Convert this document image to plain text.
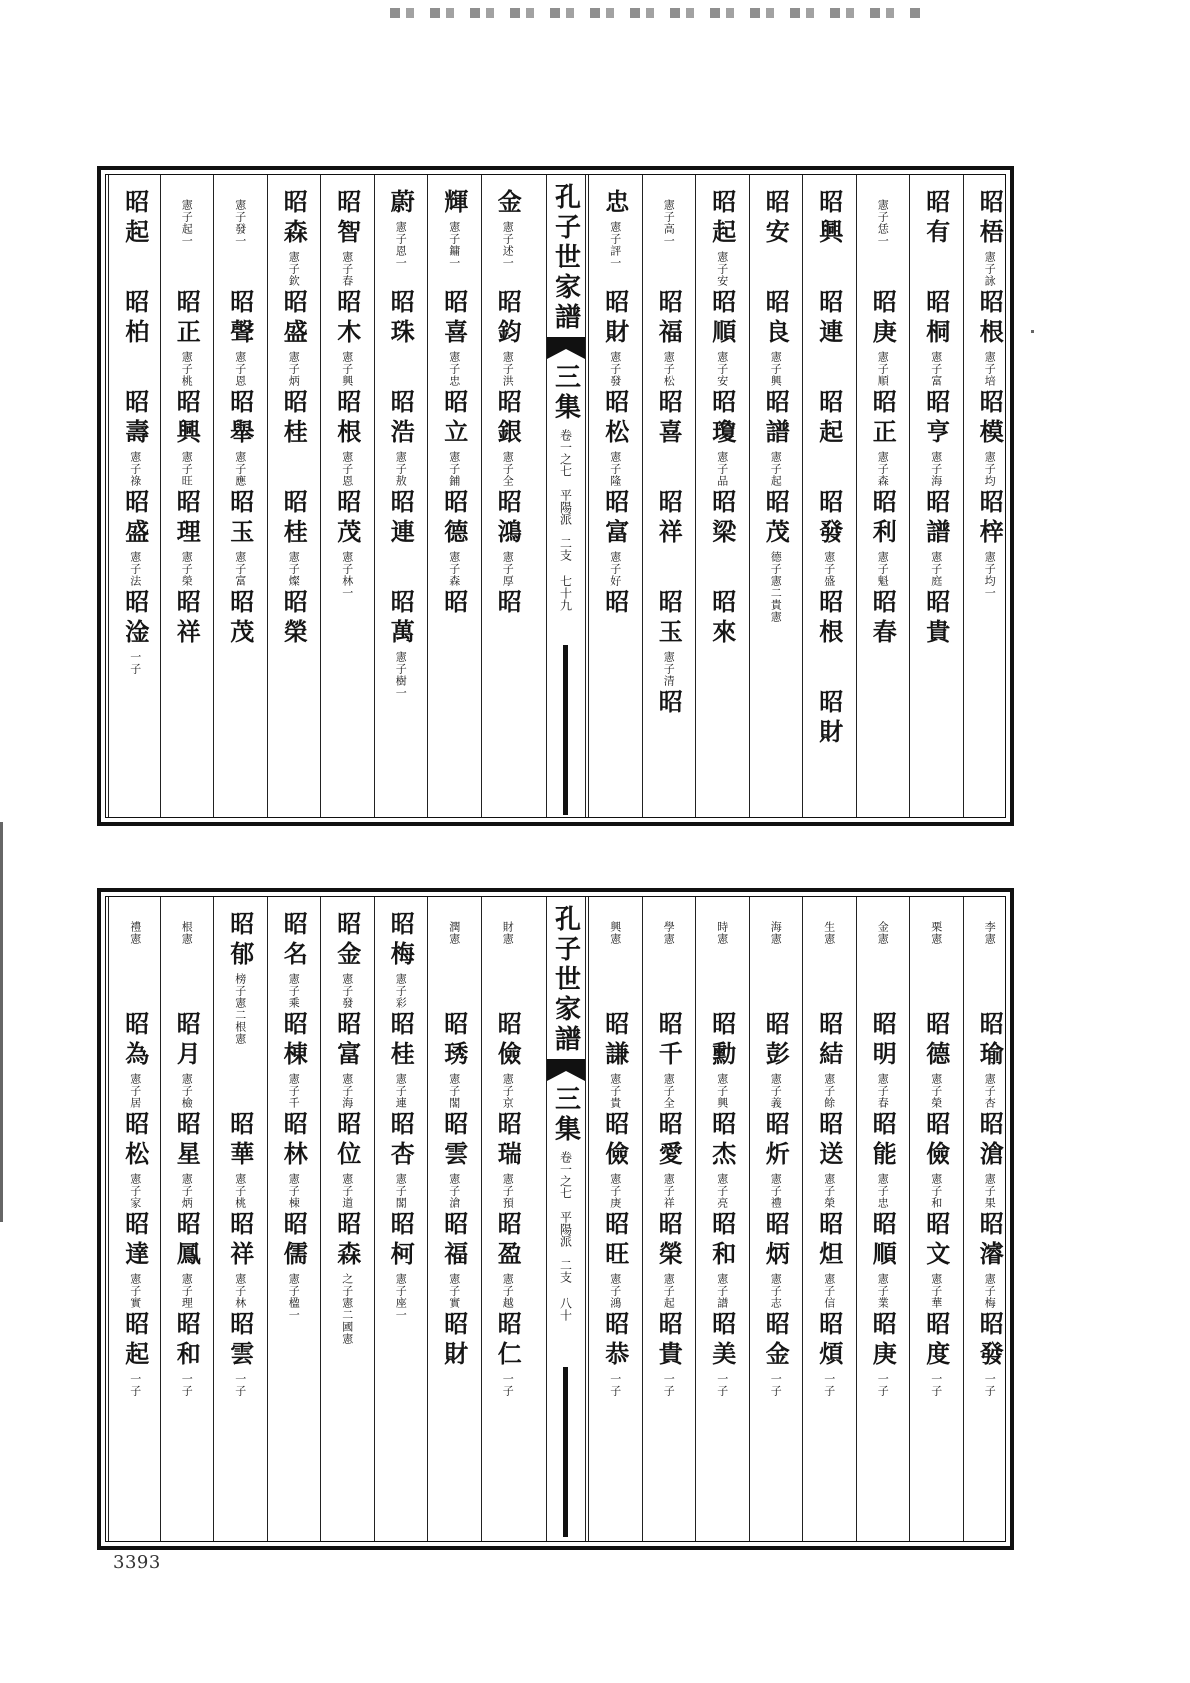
昭梧
憲子詠一
昭根
憲子培一
昭模
憲子均一
昭梓
憲子均一
昭有
昭桐
憲子富一
昭亨
憲子海一
昭譜
憲子庭一
昭貴
憲子恁一
昭庚
憲子順一
昭正
憲子森一
昭利
憲子魁一
昭春
昭興
昭連
昭起
昭發
憲子盛一
昭根
昭財
昭安
昭良
憲子興一
昭譜
憲子起一
昭茂
德子憲二
貴憲
昭起
憲子安一
昭順
憲子安一
昭瓊
憲子品一
昭梁
昭來
憲子高一
昭福
憲子松一
昭喜
昭祥
昭玉
憲子清一
昭
忠
憲子評一
昭財
憲子發一
昭松
憲子隆一
昭富
憲子好一
昭
金
憲子述一
昭鈞
憲子洪一
昭銀
憲子全一
昭鴻
憲子厚一
昭
輝
憲子鏞一
昭喜
憲子忠一
昭立
憲子鋪一
昭德
憲子森一
昭
蔚
憲子恩一
昭珠
昭浩
憲子敖一
昭連
昭萬
憲子樹一
昭智
憲子春一
昭木
憲子興一
昭根
憲子恩一
昭茂
憲子林一
昭森
憲子欽一
昭盛
憲子炳一
昭桂
昭桂
憲子燦一
昭榮
憲子發一
昭聲
憲子恩一
昭舉
憲子應一
昭玉
憲子富一
昭茂
憲子起一
昭正
憲子桃一
昭興
憲子旺一
昭理
憲子榮一
昭祥
昭起
昭柏
昭壽
憲子祿一
昭盛
憲子法一
昭淦
一子
孔子世家譜
三集
卷一之七
平陽派
二支
七十九
李憲
昭瑜
憲子杏一
昭滄
憲子果一
昭濬
憲子梅一
昭發
一子
栗憲
昭德
憲子榮一
昭儉
憲子和一
昭文
憲子華一
昭度
一子
金憲
昭明
憲子春一
昭能
憲子忠一
昭順
憲子業一
昭庚
一子
生憲
昭結
憲子餘一
昭送
憲子榮一
昭炟
憲子信一
昭煩
一子
海憲
昭彭
憲子義一
昭炘
憲子禮一
昭炳
憲子志一
昭金
一子
時憲
昭勳
憲子興一
昭杰
憲子亮一
昭和
憲子譜一
昭美
一子
學憲
昭千
憲子全一
昭愛
憲子祥一
昭榮
憲子起一
昭貴
一子
興憲
昭謙
憲子貴一
昭儉
憲子庚一
昭旺
憲子鴻一
昭恭
一子
財憲
昭儉
憲子京一
昭瑞
憲子預一
昭盈
憲子越一
昭仁
一子
潤憲
昭琇
憲子閣一
昭雲
憲子滄一
昭福
憲子實一
昭財
昭梅
憲子彩一
昭桂
憲子連一
昭杏
憲子閣一
昭柯
憲子座一
昭金
憲子發一
昭富
憲子海一
昭位
憲子道一
昭森
之子憲二
國憲
昭名
憲子乘一
昭棟
憲子千一
昭林
憲子棟一
昭儒
憲子楹一
昭郁
榜子憲二
根憲
昭華
憲子桃一
昭祥
憲子林一
昭雲
一子
根憲
昭月
憲子檢一
昭星
憲子炳一
昭鳳
憲子理一
昭和
一子
禮憲
昭為
憲子居一
昭松
憲子家一
昭達
憲子實一
昭起
一子
孔子世家譜
三集
卷一之七
平陽派
二支
八十
3393
